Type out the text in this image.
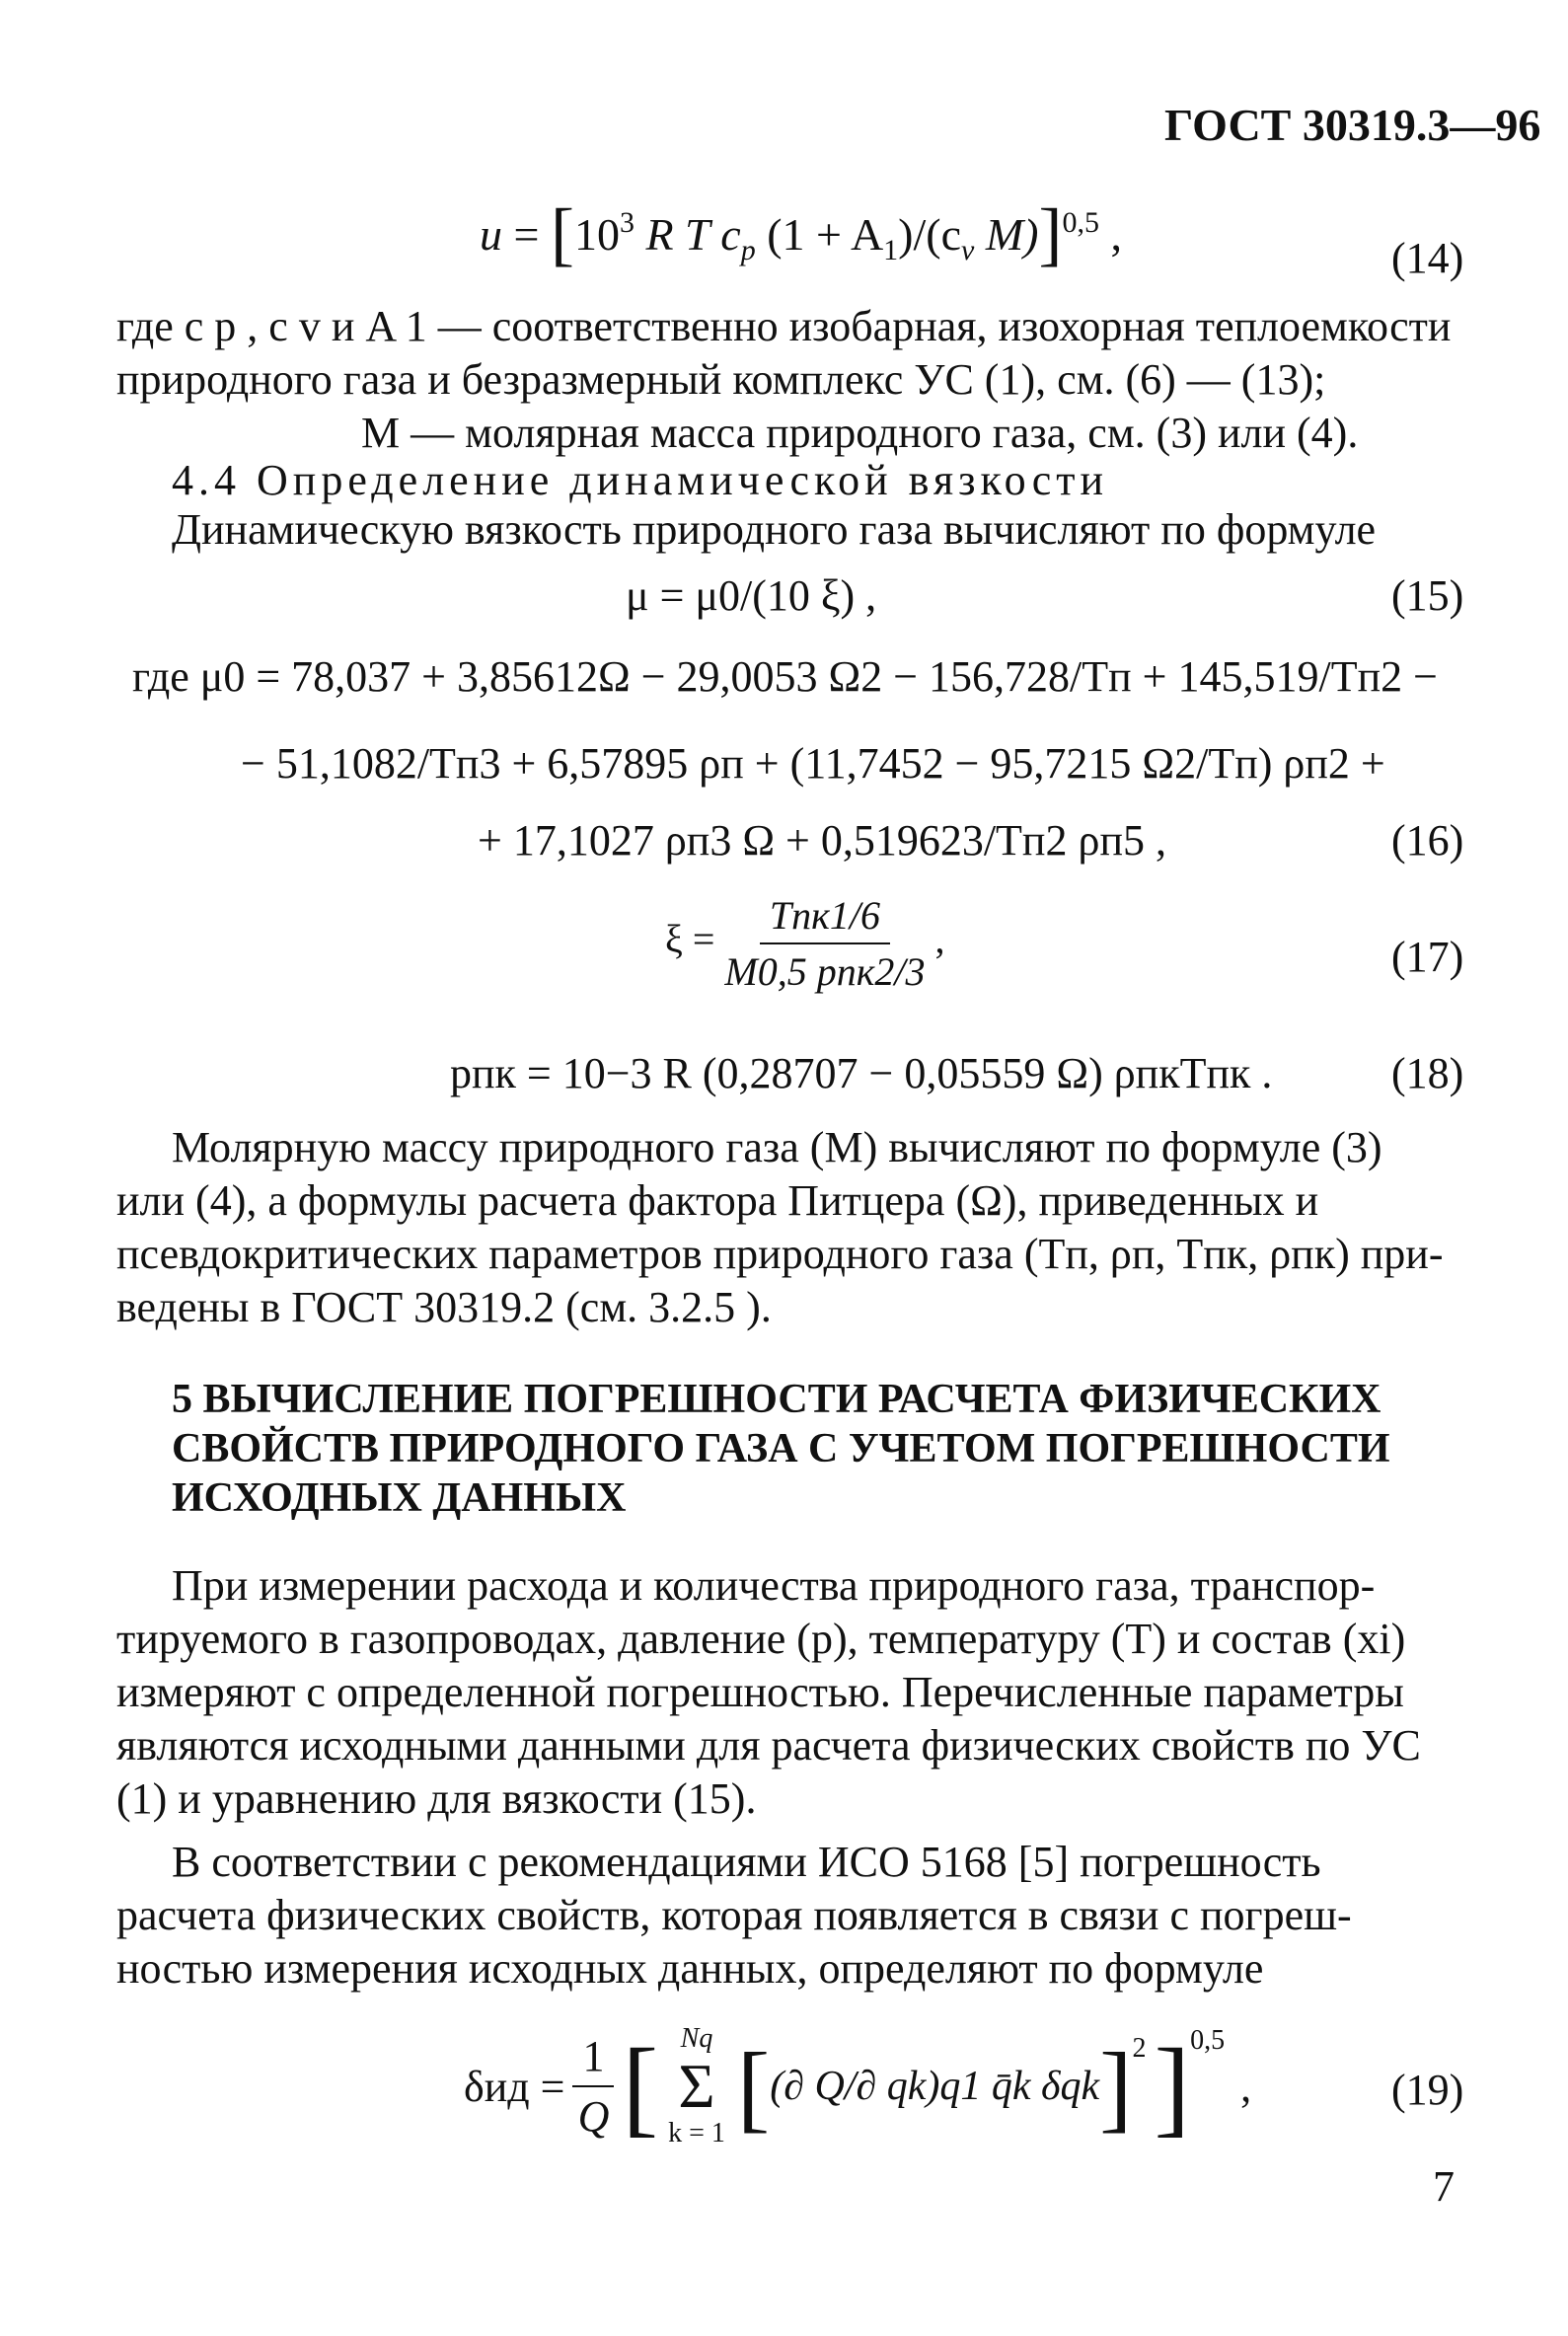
ГОСТ 30319.3—96
$u = [10^3$ R T $c_p$ $(1 + A_1)/(c_v$ M)]$^{0,5}$ ,	(14)
где c p , c v и A 1 — соответственно изобарная, изохорная теплоемкости
природного газа и безразмерный комплекс УС (1), см. (6) — (13);
M — молярная масса природного газа, см. (3) или (4).
4.4 Определение динамической вязкости
Динамическую вязкость природного газа вычисляют по формуле
μ = μ0/(10 ξ) ,	(15)
где μ0 = 78,037 + 3,85612Ω − 29,0053 Ω2 − 156,728/Tп + 145,519/Tп2 −
− 51,1082/Tп3 + 6,57895 ρп + (11,7452 − 95,7215 Ω2/Tп) ρп2 +
+ 17,1027 ρп3 Ω + 0,519623/Tп2 ρп5 ,	(16)
$\xi = \frac{\text{Tпк1/6}}{\text{M0,5 pпк2/3}}$ ,	(17)
pпк = 10−3 R (0,28707 − 0,05559 Ω) ρпкTпк .	(18)
Молярную массу природного газа (M) вычисляют по формуле (3)
или (4), а формулы расчета фактора Питцера (Ω), приведенных и
псевдокритических параметров природного газа (Tп, ρп, Tпк, ρпк) при-
ведены в ГОСТ 30319.2 (см. 3.2.5 ).
5 ВЫЧИСЛЕНИЕ ПОГРЕШНОСТИ РАСЧЕТА ФИЗИЧЕСКИХ
СВОЙСТВ ПРИРОДНОГО ГАЗА С УЧЕТОМ ПОГРЕШНОСТИ
ИСХОДНЫХ ДАННЫХ
При измерении расхода и количества природного газа, транспор-
тируемого в газопроводах, давление (p), температуру (T) и состав (xi)
измеряют с определенной погрешностью. Перечисленные параметры
являются исходными данными для расчета физических свойств по УС
(1) и уравнению для вязкости (15).
В соответствии с рекомендациями ИСО 5168 [5] погрешность
расчета физических свойств, которая появляется в связи с погреш-
ностью измерения исходных данных, определяют по формуле
$\delta ид = \frac{1}{Q}$ [ Nq
Σ
k = 1 [ (∂ Q/∂ qk)q1 q̄k δqk ] 2 ] 0,5
,	(19)
7
